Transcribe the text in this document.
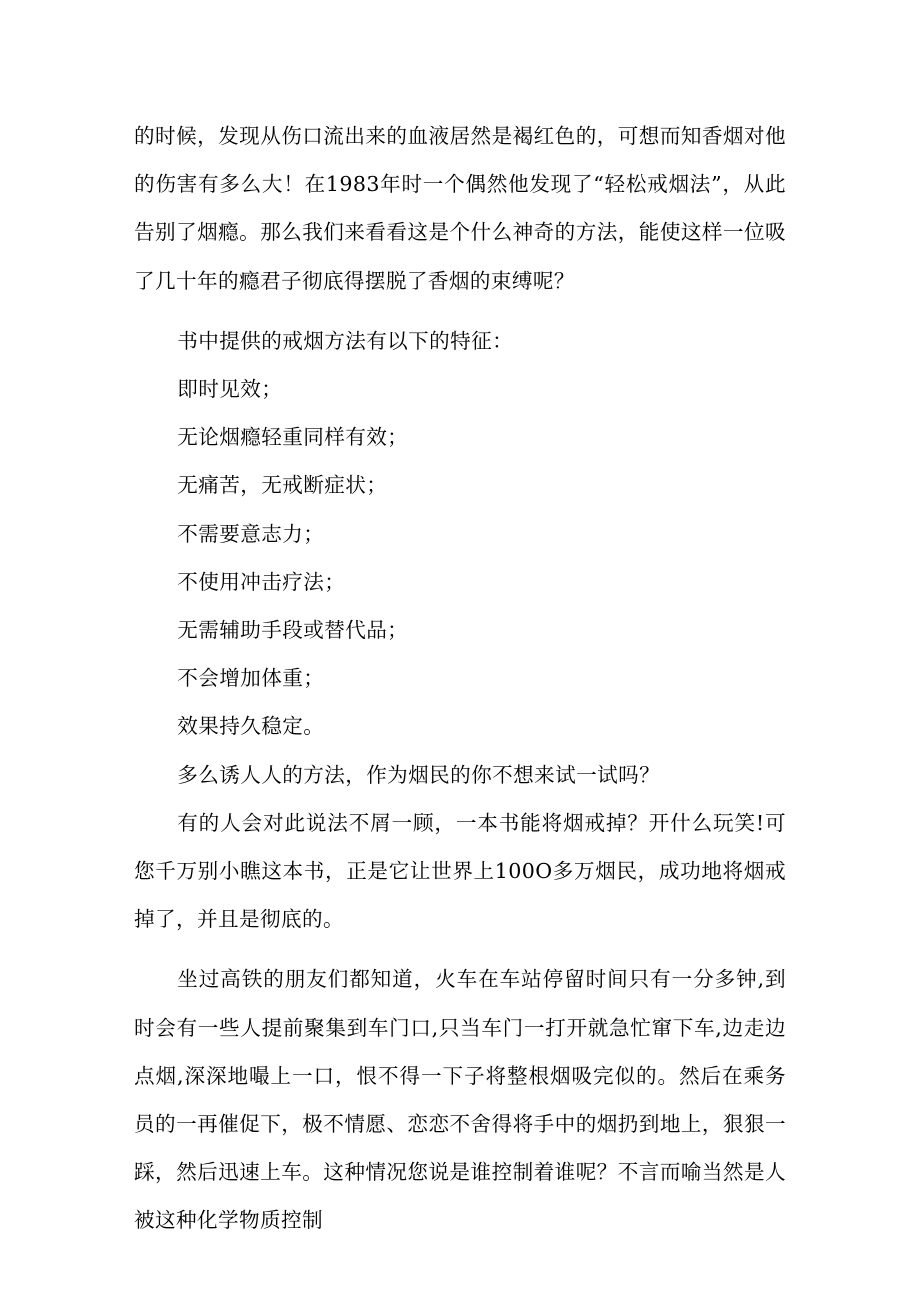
的时候，发现从伤口流出来的血液居然是褐红色的，可想而知香烟对他的伤害有多么大！在1983年时一个偶然他发现了“轻松戒烟法”，从此告别了烟瘾。那么我们来看看这是个什么神奇的方法，能使这样一位吸了几十年的瘾君子彻底得摆脱了香烟的束缚呢？

书中提供的戒烟方法有以下的特征：

即时见效；

无论烟瘾轻重同样有效；

无痛苦，无戒断症状；

不需要意志力；

不使用冲击疗法；

无需辅助手段或替代品；

不会增加体重；

效果持久稳定。

多么诱人人的方法，作为烟民的你不想来试一试吗？

有的人会对此说法不屑一顾，一本书能将烟戒掉？开什么玩笑!可您千万别小瞧这本书，正是它让世界上100O多万烟民，成功地将烟戒掉了，并且是彻底的。

坐过高铁的朋友们都知道，火车在车站停留时间只有一分多钟,到时会有一些人提前聚集到车门口,只当车门一打开就急忙窜下车,边走边点烟,深深地嘬上一口，恨不得一下子将整根烟吸完似的。然后在乘务员的一再催促下，极不情愿、恋恋不舍得将手中的烟扔到地上，狠狠一踩，然后迅速上车。这种情况您说是谁控制着谁呢？不言而喻当然是人被这种化学物质控制
